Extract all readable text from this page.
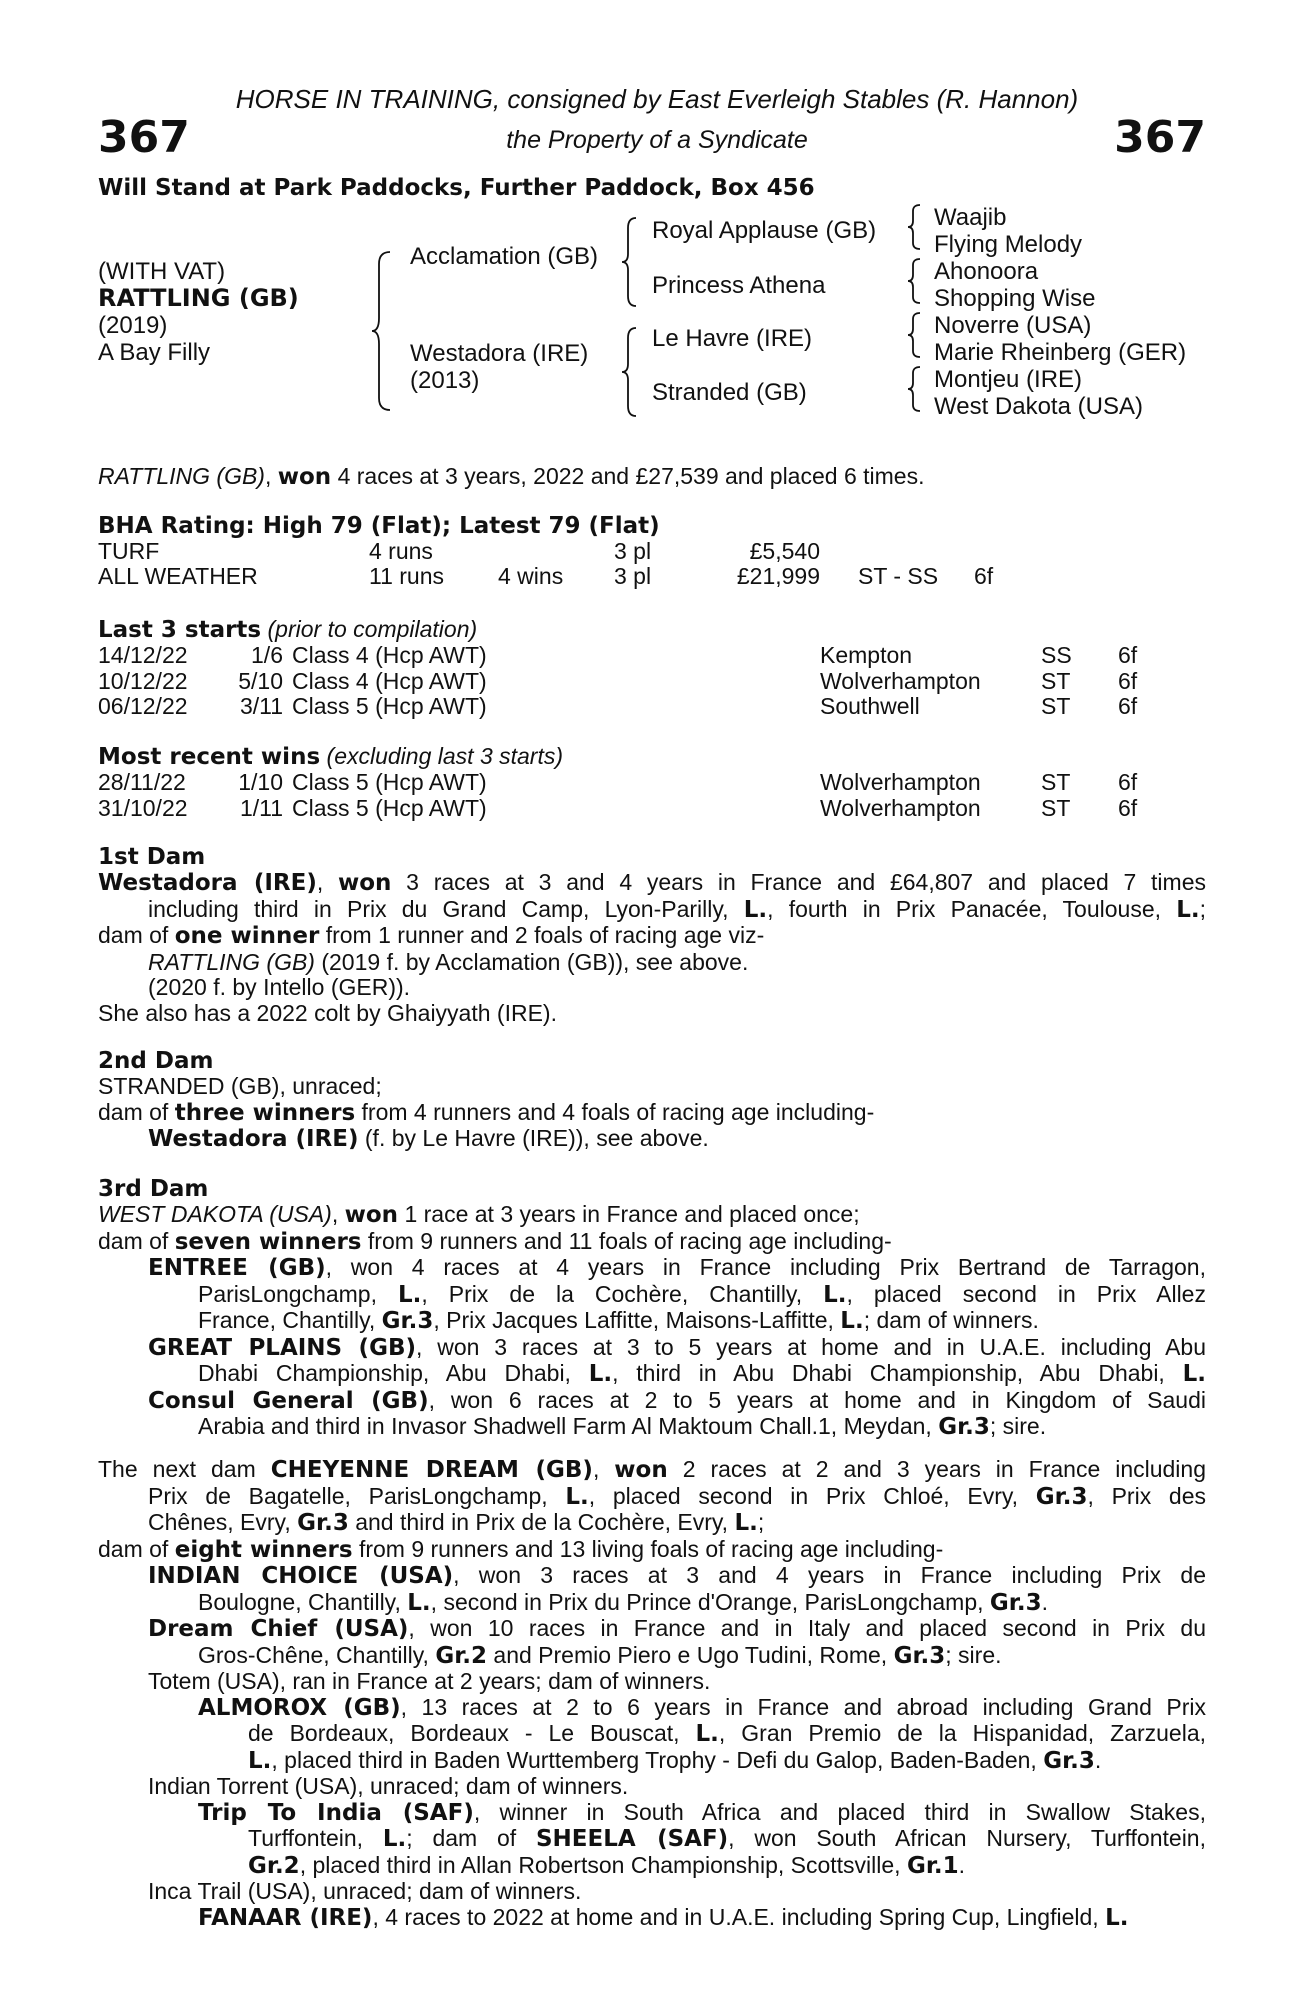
HORSE IN TRAINING, consigned by East Everleigh Stables (R. Hannon)
367	the Property of a Syndicate	367
Will Stand at Park Paddocks, Further Paddock, Box 456
(WITH VAT)
RATTLING (GB)
(2019)
A Bay Filly
Acclamation (GB)
Westadora (IRE)
(2013)
Royal Applause (GB)
Princess Athena
Le Havre (IRE)
Stranded (GB)
Waajib
Flying Melody
Ahonoora
Shopping Wise
Noverre (USA)
Marie Rheinberg (GER)
Montjeu (IRE)
West Dakota (USA)
RATTLING (GB), won 4 races at 3 years, 2022 and £27,539 and placed 6 times.
BHA Rating: High 79 (Flat); Latest 79 (Flat)
TURF	4 runs	3 pl	£5,540
ALL WEATHER	11 runs 4 wins 3 pl	£21,999 ST - SS 6f
Last 3 starts (prior to compilation)
14/12/22	1/6 Class 4 (Hcp AWT)	Kempton	SS 6f
10/12/22 5/10 Class 4 (Hcp AWT)	Wolverhampton	ST 6f
06/12/22 3/11 Class 5 (Hcp AWT)	Southwell	ST 6f
Most recent wins (excluding last 3 starts)
28/11/22 1/10 Class 5 (Hcp AWT)	Wolverhampton	ST 6f
31/10/22 1/11 Class 5 (Hcp AWT)	Wolverhampton	ST 6f
1st Dam
Westadora (IRE), won 3 races at 3 and 4 years in France and £64,807 and placed 7 times
including third in Prix du Grand Camp, Lyon-Parilly, L., fourth in Prix Panacée, Toulouse, L.;
dam of one winner from 1 runner and 2 foals of racing age viz-
RATTLING (GB) (2019 f. by Acclamation (GB)), see above.
(2020 f. by Intello (GER)).
She also has a 2022 colt by Ghaiyyath (IRE).
2nd Dam
STRANDED (GB), unraced;
dam of three winners from 4 runners and 4 foals of racing age including-
Westadora (IRE) (f. by Le Havre (IRE)), see above.
3rd Dam
WEST DAKOTA (USA), won 1 race at 3 years in France and placed once;
dam of seven winners from 9 runners and 11 foals of racing age including-
ENTREE (GB), won 4 races at 4 years in France including Prix Bertrand de Tarragon,
ParisLongchamp, L., Prix de la Cochère, Chantilly, L., placed second in Prix Allez
France, Chantilly, Gr.3, Prix Jacques Laffitte, Maisons-Laffitte, L.; dam of winners.
GREAT PLAINS (GB), won 3 races at 3 to 5 years at home and in U.A.E. including Abu
Dhabi Championship, Abu Dhabi, L., third in Abu Dhabi Championship, Abu Dhabi, L.
Consul General (GB), won 6 races at 2 to 5 years at home and in Kingdom of Saudi
Arabia and third in Invasor Shadwell Farm Al Maktoum Chall.1, Meydan, Gr.3; sire.
The next dam CHEYENNE DREAM (GB), won 2 races at 2 and 3 years in France including
Prix de Bagatelle, ParisLongchamp, L., placed second in Prix Chloé, Evry, Gr.3, Prix des
Chênes, Evry, Gr.3 and third in Prix de la Cochère, Evry, L.;
dam of eight winners from 9 runners and 13 living foals of racing age including-
INDIAN CHOICE (USA), won 3 races at 3 and 4 years in France including Prix de
Boulogne, Chantilly, L., second in Prix du Prince d'Orange, ParisLongchamp, Gr.3.
Dream Chief (USA), won 10 races in France and in Italy and placed second in Prix du
Gros-Chêne, Chantilly, Gr.2 and Premio Piero e Ugo Tudini, Rome, Gr.3; sire.
Totem (USA), ran in France at 2 years; dam of winners.
ALMOROX (GB), 13 races at 2 to 6 years in France and abroad including Grand Prix
de Bordeaux, Bordeaux - Le Bouscat, L., Gran Premio de la Hispanidad, Zarzuela,
L., placed third in Baden Wurttemberg Trophy - Defi du Galop, Baden-Baden, Gr.3.
Indian Torrent (USA), unraced; dam of winners.
Trip To India (SAF), winner in South Africa and placed third in Swallow Stakes,
Turffontein, L.; dam of SHEELA (SAF), won South African Nursery, Turffontein,
Gr.2, placed third in Allan Robertson Championship, Scottsville, Gr.1.
Inca Trail (USA), unraced; dam of winners.
FANAAR (IRE), 4 races to 2022 at home and in U.A.E. including Spring Cup, Lingfield, L.
